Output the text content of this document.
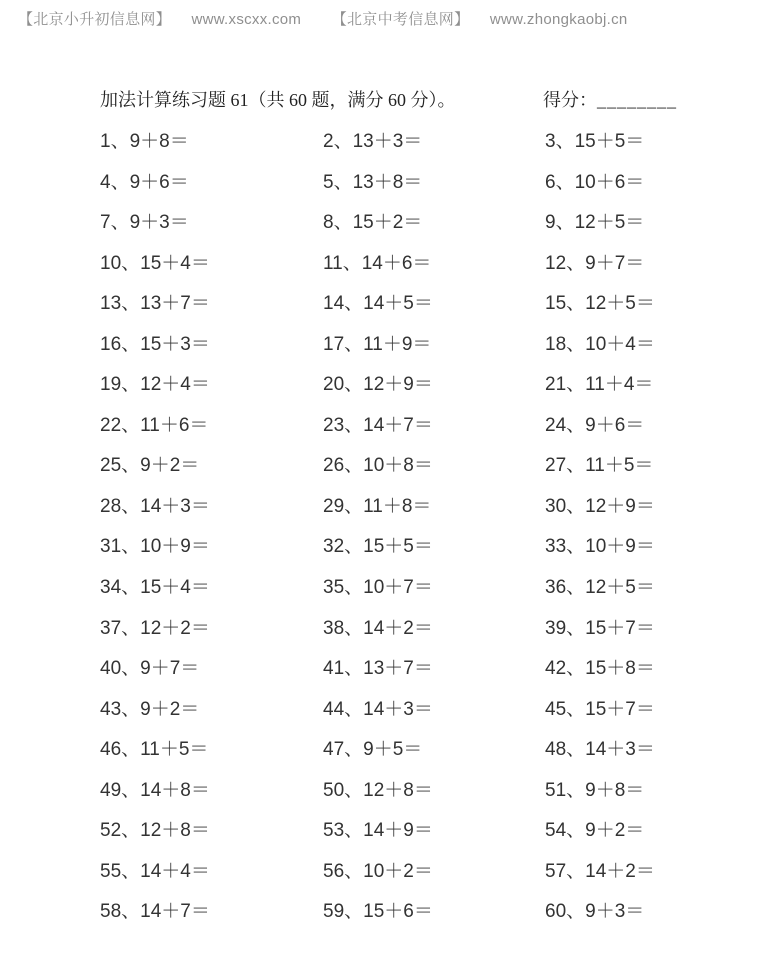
【北京小升初信息网】 www.xscxx.com 【北京中考信息网】 www.zhongkaobj.cn
加法计算练习题 61（共 60 题，满分 60 分）。	得分：________
1、9＋8＝	2、13＋3＝	3、15＋5＝
4、9＋6＝	5、13＋8＝	6、10＋6＝
7、9＋3＝	8、15＋2＝	9、12＋5＝
10、15＋4＝	11、14＋6＝	12、9＋7＝
13、13＋7＝	14、14＋5＝	15、12＋5＝
16、15＋3＝	17、11＋9＝	18、10＋4＝
19、12＋4＝	20、12＋9＝	21、11＋4＝
22、11＋6＝	23、14＋7＝	24、9＋6＝
25、9＋2＝	26、10＋8＝	27、11＋5＝
28、14＋3＝	29、11＋8＝	30、12＋9＝
31、10＋9＝	32、15＋5＝	33、10＋9＝
34、15＋4＝	35、10＋7＝	36、12＋5＝
37、12＋2＝	38、14＋2＝	39、15＋7＝
40、9＋7＝	41、13＋7＝	42、15＋8＝
43、9＋2＝	44、14＋3＝	45、15＋7＝
46、11＋5＝	47、9＋5＝	48、14＋3＝
49、14＋8＝	50、12＋8＝	51、9＋8＝
52、12＋8＝	53、14＋9＝	54、9＋2＝
55、14＋4＝	56、10＋2＝	57、14＋2＝
58、14＋7＝	59、15＋6＝	60、9＋3＝
